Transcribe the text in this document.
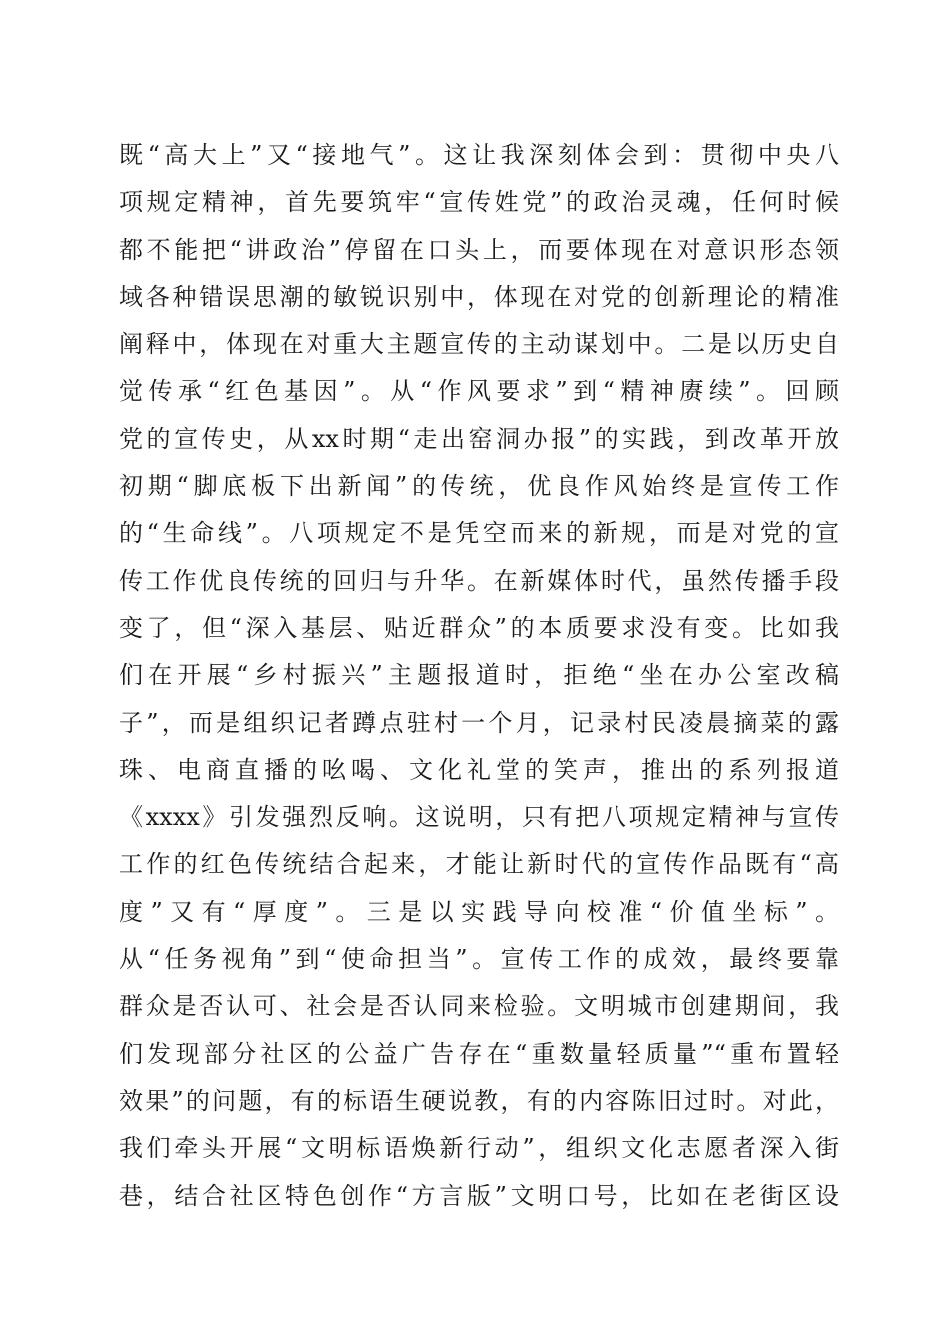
既“高大上”又“接地气”。这让我深刻体会到：贯彻中央八
项规定精神，首先要筑牢“宣传姓党”的政治灵魂，任何时候
都不能把“讲政治”停留在口头上，而要体现在对意识形态领
域各种错误思潮的敏锐识别中，体现在对党的创新理论的精准
阐释中，体现在对重大主题宣传的主动谋划中。二是以历史自
觉传承“红色基因”。从“作风要求”到“精神赓续”。回顾
党的宣传史，从xx时期“走出窑洞办报”的实践，到改革开放
初期“脚底板下出新闻”的传统，优良作风始终是宣传工作
的“生命线”。八项规定不是凭空而来的新规，而是对党的宣
传工作优良传统的回归与升华。在新媒体时代，虽然传播手段
变了，但“深入基层、贴近群众”的本质要求没有变。比如我
们在开展“乡村振兴”主题报道时，拒绝“坐在办公室改稿
子”，而是组织记者蹲点驻村一个月，记录村民凌晨摘菜的露
珠、电商直播的吆喝、文化礼堂的笑声，推出的系列报道
《xxxx》引发强烈反响。这说明，只有把八项规定精神与宣传
工作的红色传统结合起来，才能让新时代的宣传作品既有“高
度”又有“厚度”。三是以实践导向校准“价值坐标”。
从“任务视角”到“使命担当”。宣传工作的成效，最终要靠
群众是否认可、社会是否认同来检验。文明城市创建期间，我
们发现部分社区的公益广告存在“重数量轻质量”“重布置轻
效果”的问题，有的标语生硬说教，有的内容陈旧过时。对此，
我们牵头开展“文明标语焕新行动”，组织文化志愿者深入街
巷，结合社区特色创作“方言版”文明口号，比如在老街区设
